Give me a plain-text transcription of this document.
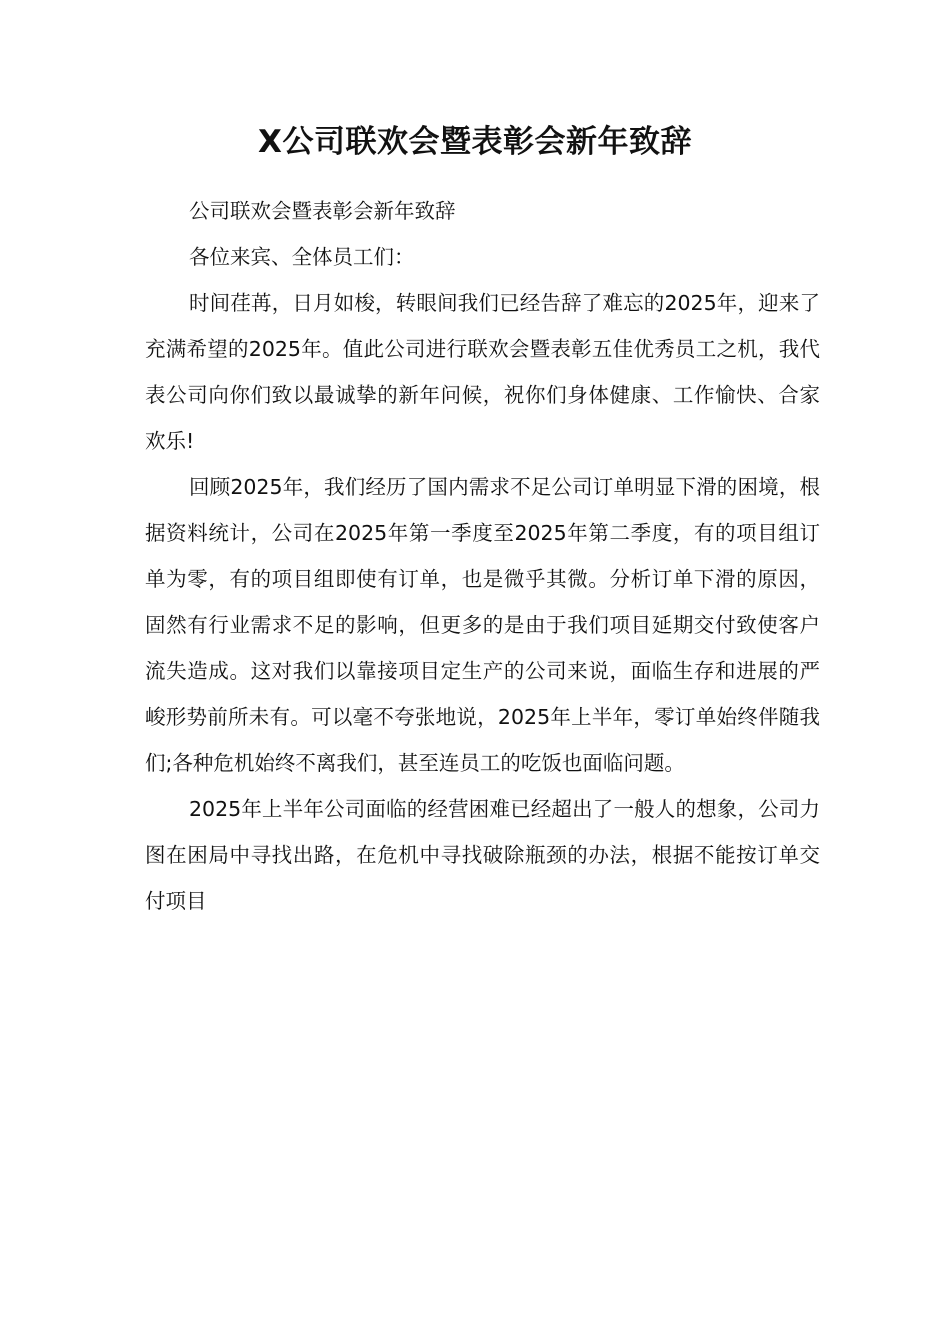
X公司联欢会暨表彰会新年致辞

公司联欢会暨表彰会新年致辞

各位来宾、全体员工们：

时间荏苒，日月如梭，转眼间我们已经告辞了难忘的2025年，迎来了充满希望的2025年。值此公司进行联欢会暨表彰五佳优秀员工之机，我代表公司向你们致以最诚挚的新年问候，祝你们身体健康、工作愉快、合家欢乐!

回顾2025年，我们经历了国内需求不足公司订单明显下滑的困境，根据资料统计，公司在2025年第一季度至2025年第二季度，有的项目组订单为零，有的项目组即使有订单，也是微乎其微。分析订单下滑的原因，固然有行业需求不足的影响，但更多的是由于我们项目延期交付致使客户流失造成。这对我们以靠接项目定生产的公司来说，面临生存和进展的严峻形势前所未有。可以毫不夸张地说，2025年上半年，零订单始终伴随我们;各种危机始终不离我们，甚至连员工的吃饭也面临问题。

2025年上半年公司面临的经营困难已经超出了一般人的想象，公司力图在困局中寻找出路，在危机中寻找破除瓶颈的办法，根据不能按订单交付项目
